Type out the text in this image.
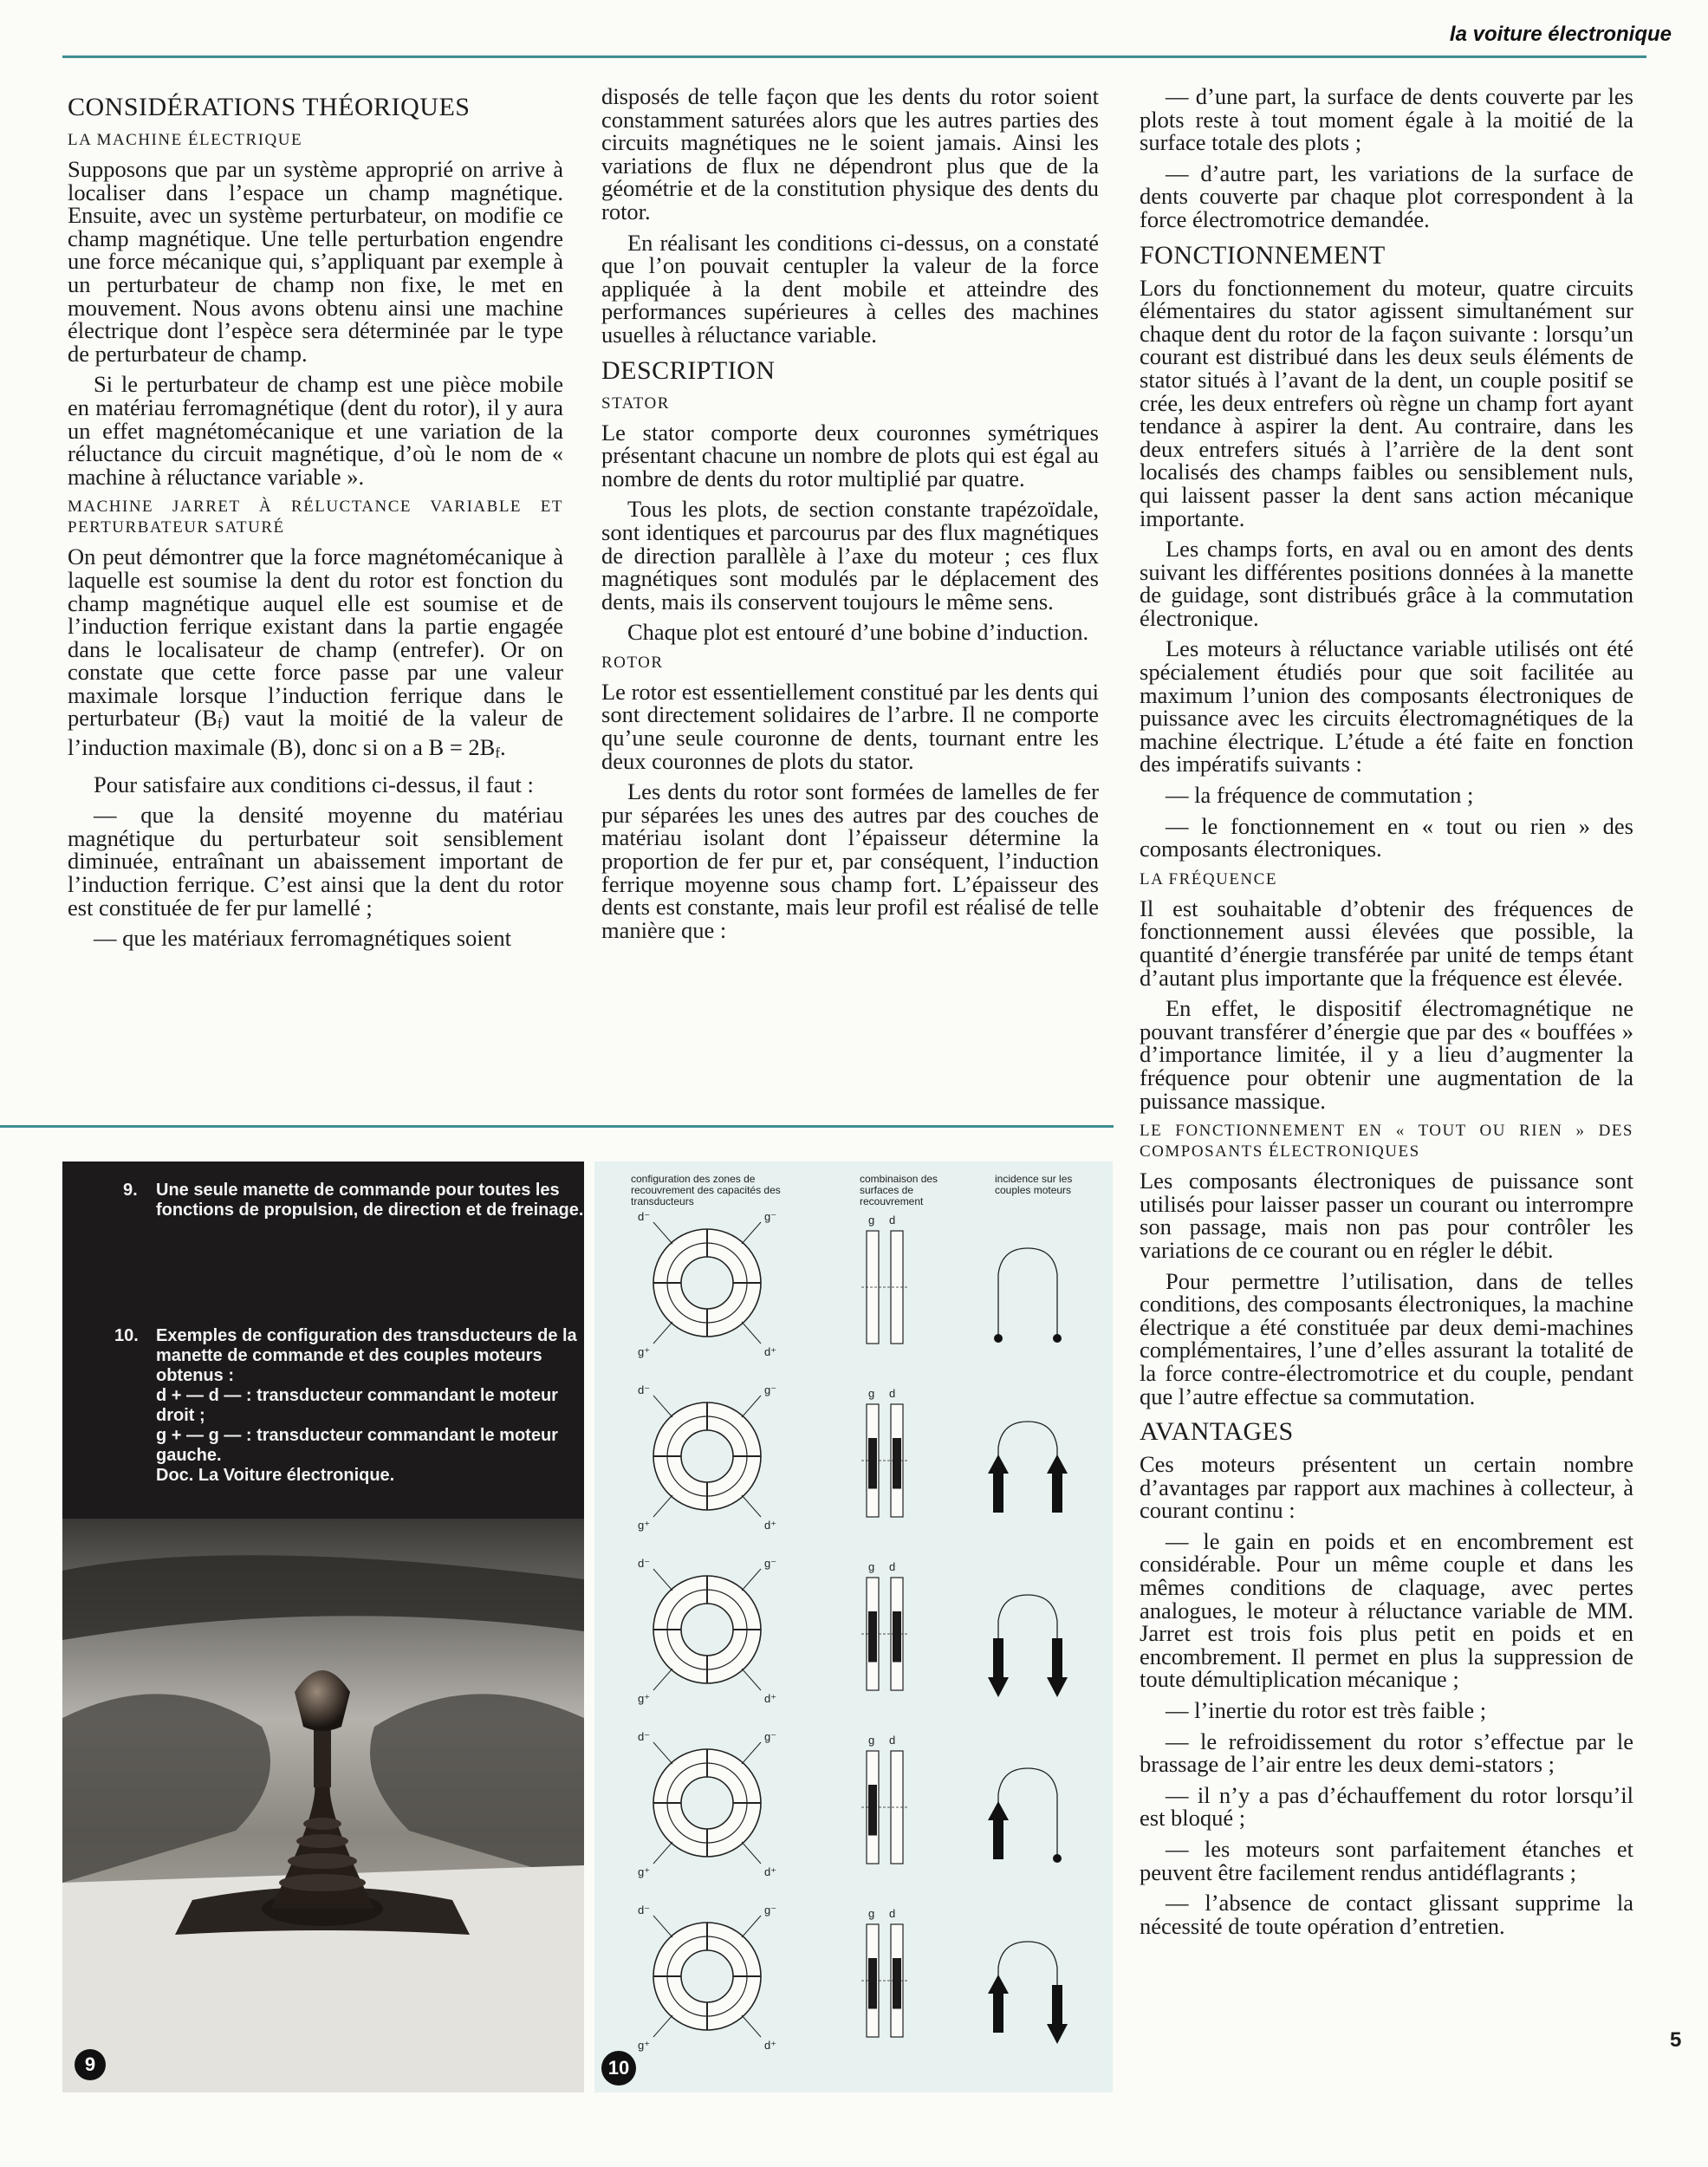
la voiture électronique
CONSIDÉRATIONS THÉORIQUES
LA MACHINE ÉLECTRIQUE

Supposons que par un système approprié on arrive à localiser dans l’espace un champ magnétique. Ensuite, avec un système perturbateur, on modifie ce champ magnétique. Une telle perturbation engendre une force mécanique qui, s’appliquant par exemple à un perturbateur de champ non fixe, le met en mouvement. Nous avons obtenu ainsi une machine électrique dont l’espèce sera déterminée par le type de perturbateur de champ.

Si le perturbateur de champ est une pièce mobile en matériau ferromagnétique (dent du rotor), il y aura un effet magnétomécanique et une variation de la réluctance du circuit magnétique, d’où le nom de « machine à réluctance variable ».

MACHINE JARRET À RÉLUCTANCE VARIABLE ET PERTURBATEUR SATURÉ

On peut démontrer que la force magnétomécanique à laquelle est soumise la dent du rotor est fonction du champ magnétique auquel elle est soumise et de l’induction ferrique existant dans la partie engagée dans le localisateur de champ (entrefer). Or on constate que cette force passe par une valeur maximale lorsque l’induction ferrique dans le perturbateur (Bf) vaut la moitié de la valeur de l’induction maximale (B), donc si on a B = 2Bf.

Pour satisfaire aux conditions ci-dessus, il faut :

— que la densité moyenne du matériau magnétique du perturbateur soit sensiblement diminuée, entraînant un abaissement important de l’induction ferrique. C’est ainsi que la dent du rotor est constituée de fer pur lamellé ;

— que les matériaux ferromagnétiques soient

disposés de telle façon que les dents du rotor soient constamment saturées alors que les autres parties des circuits magnétiques ne le soient jamais. Ainsi les variations de flux ne dépendront plus que de la géométrie et de la constitution physique des dents du rotor.

En réalisant les conditions ci-dessus, on a constaté que l’on pouvait centupler la valeur de la force appliquée à la dent mobile et atteindre des performances supérieures à celles des machines usuelles à réluctance variable.

DESCRIPTION
STATOR

Le stator comporte deux couronnes symétriques présentant chacune un nombre de plots qui est égal au nombre de dents du rotor multiplié par quatre.

Tous les plots, de section constante trapézoïdale, sont identiques et parcourus par des flux magnétiques de direction parallèle à l’axe du moteur ; ces flux magnétiques sont modulés par le déplacement des dents, mais ils conservent toujours le même sens.

Chaque plot est entouré d’une bobine d’induction.

ROTOR

Le rotor est essentiellement constitué par les dents qui sont directement solidaires de l’arbre. Il ne comporte qu’une seule couronne de dents, tournant entre les deux couronnes de plots du stator.

Les dents du rotor sont formées de lamelles de fer pur séparées les unes des autres par des couches de matériau isolant dont l’épaisseur détermine la proportion de fer pur et, par conséquent, l’induction ferrique moyenne sous champ fort. L’épaisseur des dents est constante, mais leur profil est réalisé de telle manière que :

— d’une part, la surface de dents couverte par les plots reste à tout moment égale à la moitié de la surface totale des plots ;

— d’autre part, les variations de la surface de dents couverte par chaque plot correspondent à la force électromotrice demandée.

FONCTIONNEMENT

Lors du fonctionnement du moteur, quatre circuits élémentaires du stator agissent simultanément sur chaque dent du rotor de la façon suivante : lorsqu’un courant est distribué dans les deux seuls éléments de stator situés à l’avant de la dent, un couple positif se crée, les deux entrefers où règne un champ fort ayant tendance à aspirer la dent. Au contraire, dans les deux entrefers situés à l’arrière de la dent sont localisés des champs faibles ou sensiblement nuls, qui laissent passer la dent sans action mécanique importante.

Les champs forts, en aval ou en amont des dents suivant les différentes positions données à la manette de guidage, sont distribués grâce à la commutation électronique.

Les moteurs à réluctance variable utilisés ont été spécialement étudiés pour que soit facilitée au maximum l’union des composants électroniques de puissance avec les circuits électromagnétiques de la machine électrique. L’étude a été faite en fonction des impératifs suivants :

— la fréquence de commutation ;

— le fonctionnement en « tout ou rien » des composants électroniques.

LA FRÉQUENCE

Il est souhaitable d’obtenir des fréquences de fonctionnement aussi élevées que possible, la quantité d’énergie transférée par unité de temps étant d’autant plus importante que la fréquence est élevée.

En effet, le dispositif électromagnétique ne pouvant transférer d’énergie que par des « bouffées » d’importance limitée, il y a lieu d’augmenter la fréquence pour obtenir une augmentation de la puissance massique.

LE FONCTIONNEMENT EN « TOUT OU RIEN » DES COMPOSANTS ÉLECTRONIQUES

Les composants électroniques de puissance sont utilisés pour laisser passer un courant ou interrompre son passage, mais non pas pour contrôler les variations de ce courant ou en régler le débit.

Pour permettre l’utilisation, dans de telles conditions, des composants électroniques, la machine électrique a été constituée par deux demi-machines complémentaires, l’une d’elles assurant la totalité de la force contre-électromotrice et du couple, pendant que l’autre effectue sa commutation.

AVANTAGES

Ces moteurs présentent un certain nombre d’avantages par rapport aux machines à collecteur, à courant continu :

— le gain en poids et en encombrement est considérable. Pour un même couple et dans les mêmes conditions de claquage, avec pertes analogues, le moteur à réluctance variable de MM. Jarret est trois fois plus petit en poids et en encombrement. Il permet en plus la suppression de toute démultiplication mécanique ;

— l’inertie du rotor est très faible ;

— le refroidissement du rotor s’effectue par le brassage de l’air entre les deux demi-stators ;

— il n’y a pas d’échauffement du rotor lorsqu’il est bloqué ;

— les moteurs sont parfaitement étanches et peuvent être facilement rendus antidéflagrants ;

— l’absence de contact glissant supprime la nécessité de toute opération d’entretien.

9. Une seule manette de commande pour toutes les fonctions de propulsion, de direction et de freinage.
10. Exemples de configuration des transducteurs de la manette de commande et des couples moteurs obtenus :
d + — d — : transducteur commandant le moteur droit ;
g + — g — : transducteur commandant le moteur gauche.
Doc. La Voiture électronique.
9
configuration des zones de recouvrement des capacités des transducteurs
combinaison des surfaces de recouvrement
incidence sur les couples moteurs
d⁻	g⁻
g⁺	d⁺
g d
d⁻	g⁻
g⁺	d⁺
g d
d⁻	g⁻
g⁺	d⁺
g d
d⁻	g⁻
g⁺	d⁺
g d
d⁻	g⁻
g⁺	d⁺
g d
10
5
